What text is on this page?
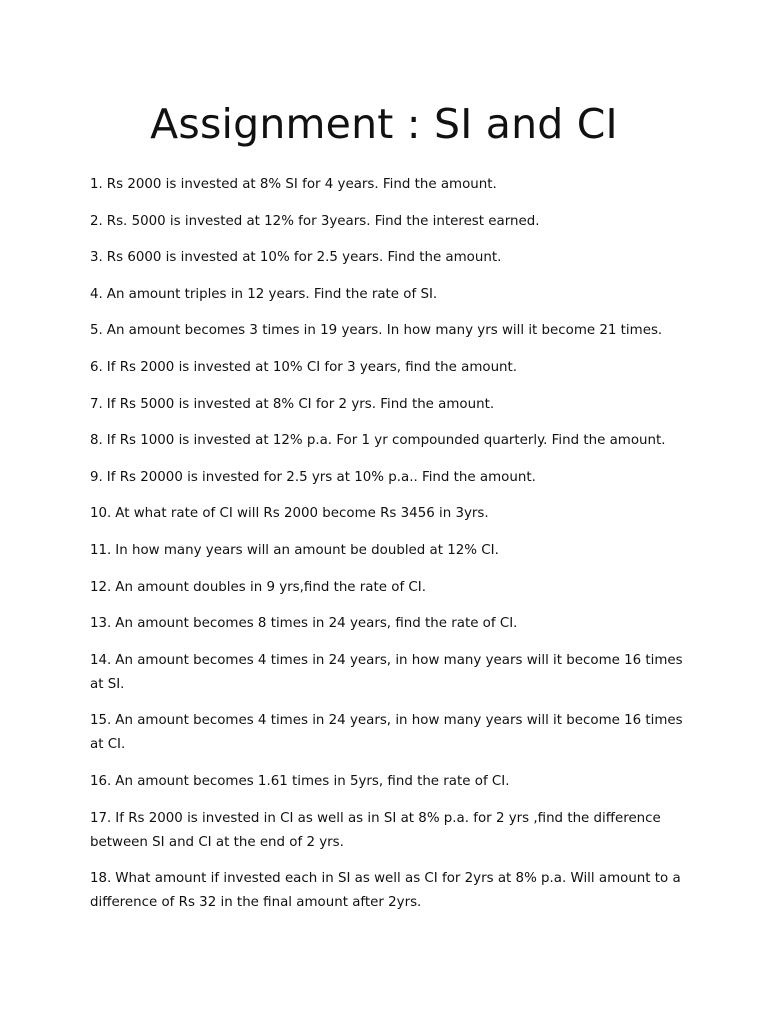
Assignment : SI and CI
1. Rs 2000 is invested at 8% SI for 4 years. Find the amount.
2. Rs. 5000 is invested at 12% for 3years. Find the interest earned.
3. Rs 6000 is invested at 10% for 2.5 years. Find the amount.
4. An amount triples in 12 years. Find the rate of SI.
5. An amount becomes 3 times in 19 years. In how many yrs will it become 21 times.
6. If Rs 2000 is invested at 10% CI for 3 years, find the amount.
7. If Rs 5000 is invested at 8% CI for 2 yrs. Find the amount.
8. If Rs 1000 is invested at 12% p.a. For 1 yr compounded quarterly. Find the amount.
9. If Rs 20000 is invested for 2.5 yrs at 10% p.a.. Find the amount.
10. At what rate of CI will Rs 2000 become Rs 3456 in 3yrs.
11. In how many years will an amount be doubled at 12% CI.
12. An amount doubles in 9 yrs,find the rate of CI.
13. An amount becomes 8 times in 24 years, find the rate of CI.
14. An amount becomes 4 times in 24 years, in how many years will it become 16 times at SI.
15. An amount becomes 4 times in 24 years, in how many years will it become 16 times at CI.
16. An amount becomes 1.61 times in 5yrs, find the rate of CI.
17. If Rs 2000 is invested in CI as well as in SI at 8% p.a. for 2 yrs ,find the difference between SI and CI at the end of 2 yrs.
18. What amount if invested each in SI as well as CI for 2yrs at 8% p.a. Will amount to a difference of Rs 32 in the final amount after 2yrs.
